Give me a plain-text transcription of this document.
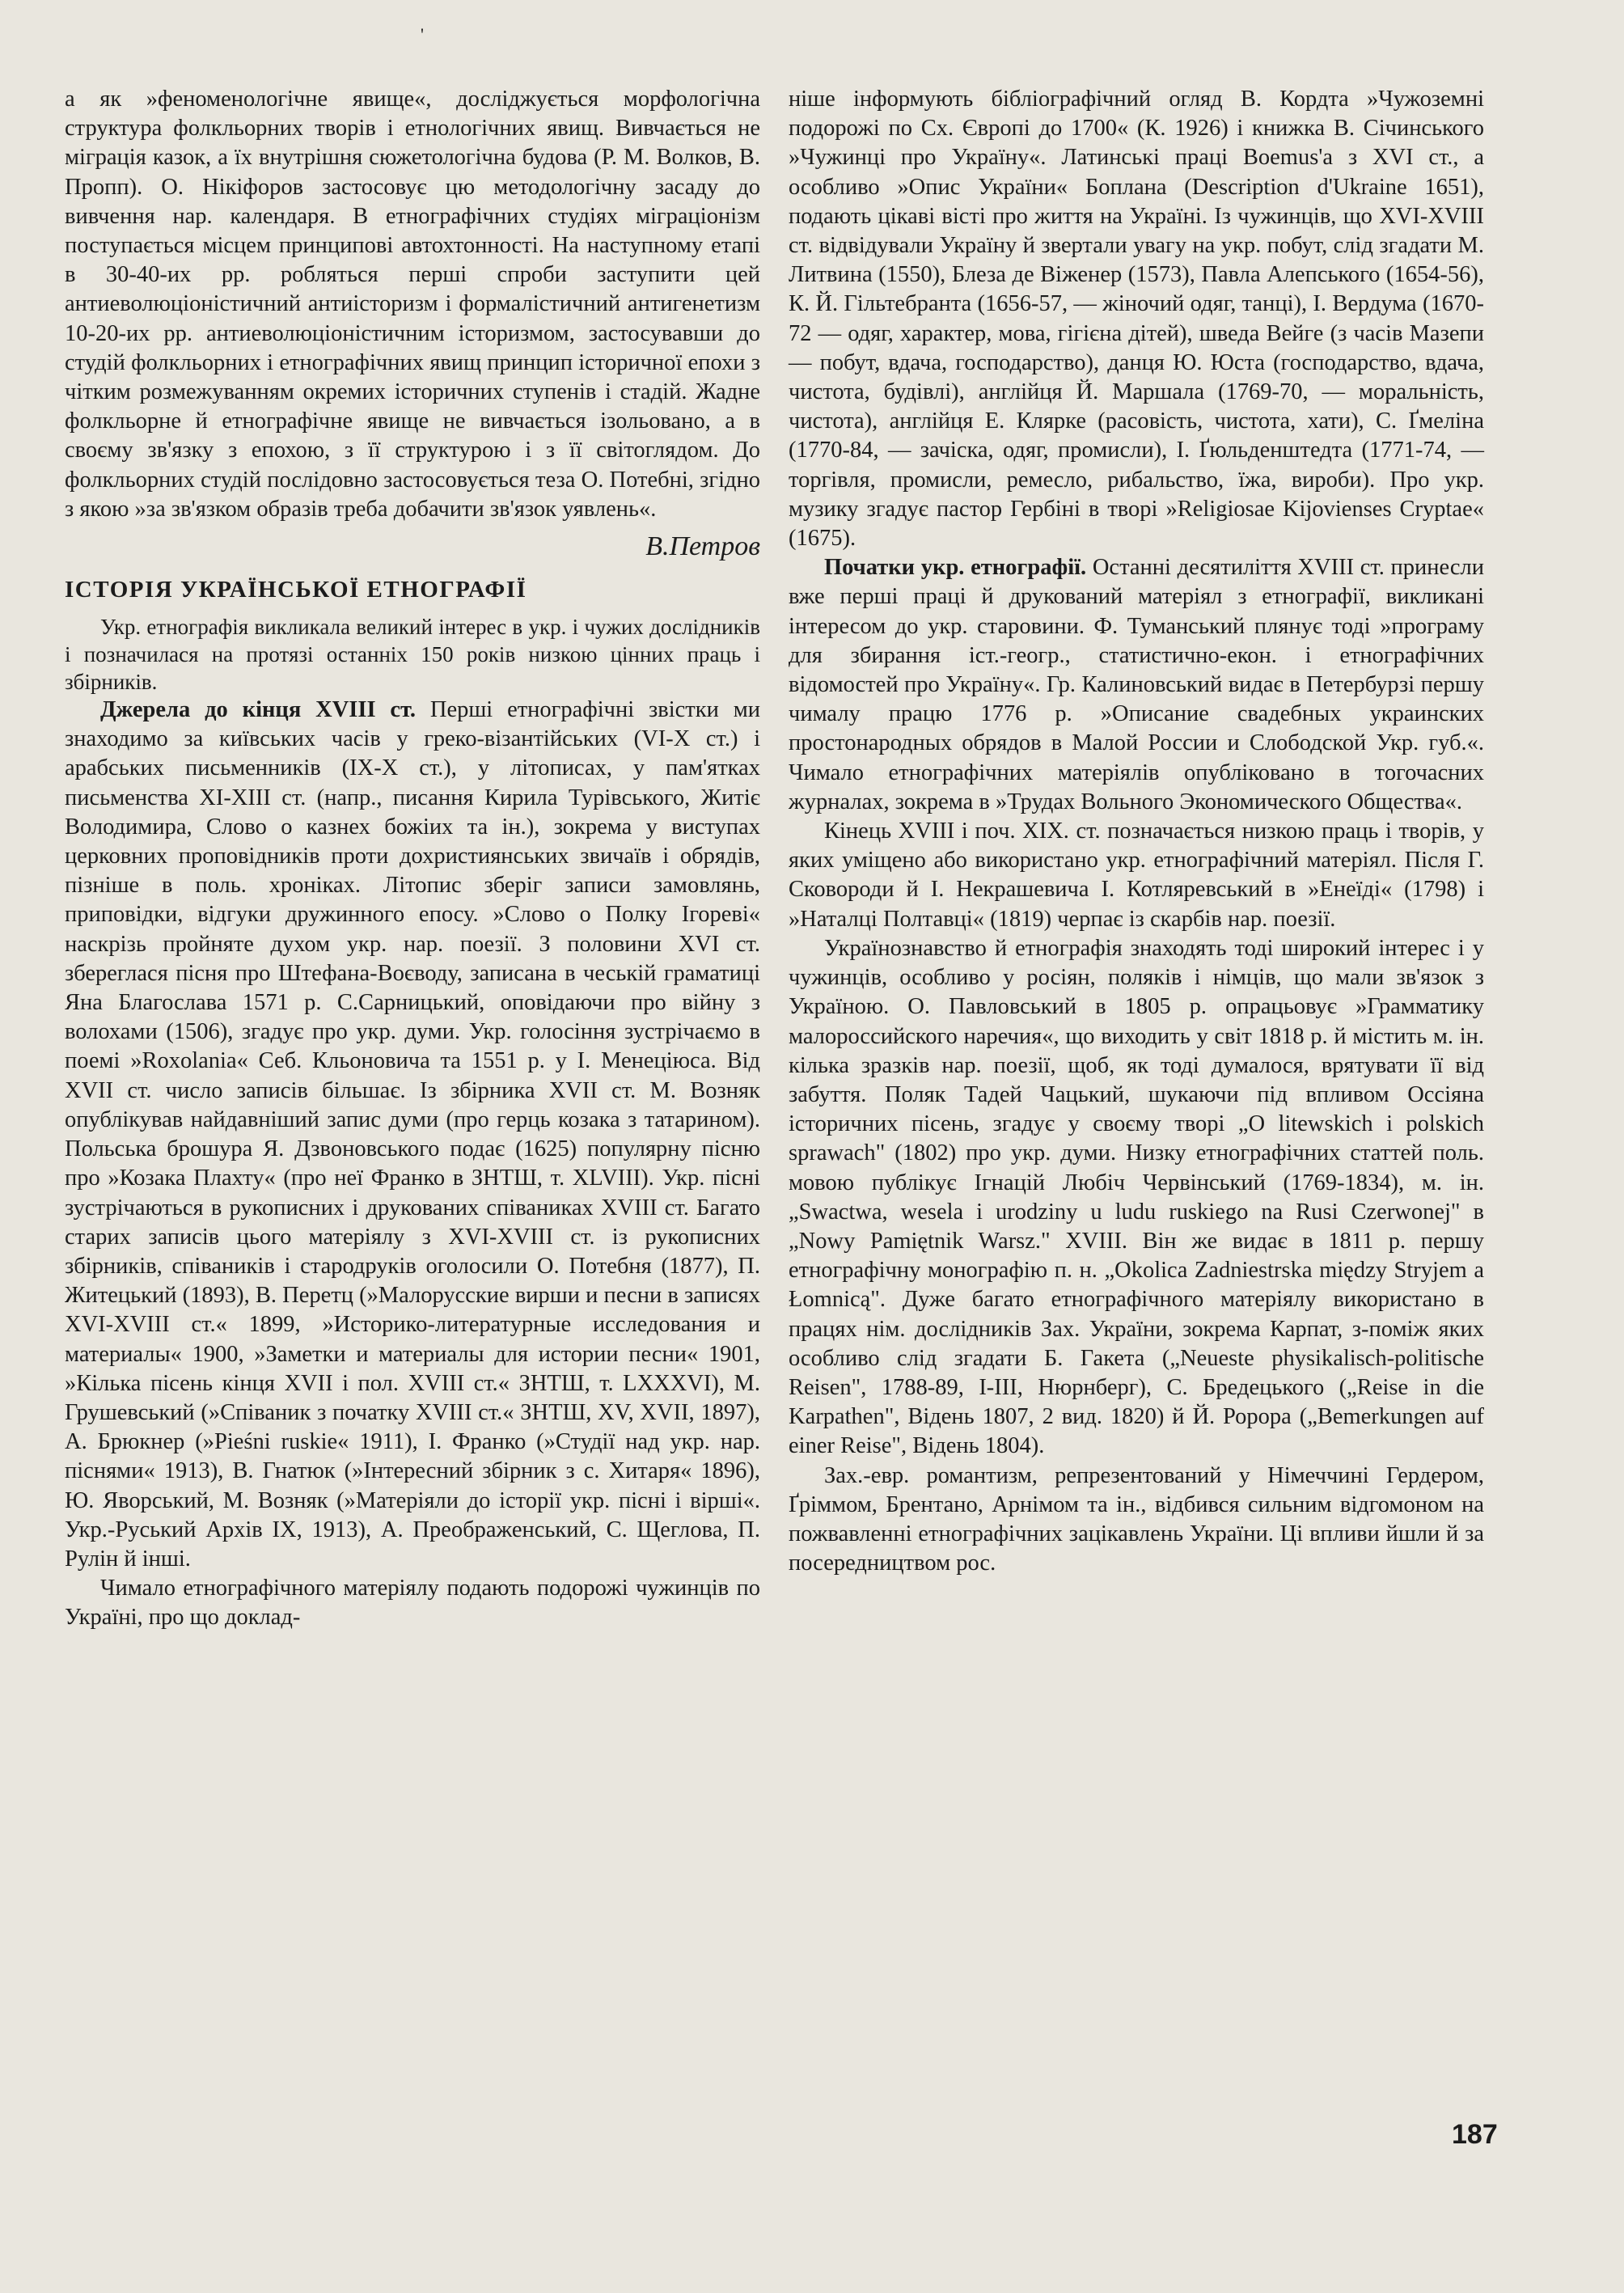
'

а як »феноменологічне явище«, досліджується морфологічна структура фолкльорних творів і етнологічних явищ. Вивчається не міграція казок, а їх внутрішня сюжетологічна будова (Р. М. Волков, В. Пропп). О. Нікіфоров застосовує цю методологічну засаду до вивчення нар. календаря. В етнографічних студіях міграціонізм поступається місцем принципові автохтонності. На наступному етапі в 30-40-их рр. робляться перші спроби заступити цей антиеволюціоністичний антиісторизм і формалістичний антигенетизм 10-20-их рр. антиеволюціоністичним історизмом, застосувавши до студій фолкльорних і етнографічних явищ принцип історичної епохи з чітким розмежуванням окремих історичних ступенів і стадій. Жадне фолкльорне й етнографічне явище не вивчається ізольовано, а в своєму зв'язку з епохою, з її структурою і з її світоглядом. До фолкльорних студій послідовно застосовується теза О. Потебні, згідно з якою »за зв'язком образів треба добачити зв'язок уявлень«.

В.Петров
ІСТОРІЯ УКРАЇНСЬКОЇ ЕТНОГРАФІЇ

Укр. етнографія викликала великий інтерес в укр. і чужих дослідників і позначилася на протязі останніх 150 років низкою цінних праць і збірників.

Джерела до кінця XVIII ст. Перші етнографічні звістки ми знаходимо за київських часів у греко-візантійських (VI-X ст.) і арабських письменників (IX-X ст.), у літописах, у пам'ятках письменства XI-XIII ст. (напр., писання Кирила Турівського, Житіє Володимира, Слово о казнех божіих та ін.), зокрема у виступах церковних проповідників проти дохристиянських звичаїв і обрядів, пізніше в поль. хроніках. Літопис зберіг записи замовлянь, приповідки, відгуки дружинного епосу. »Слово о Полку Ігореві« наскрізь пройняте духом укр. нар. поезії. З половини XVI ст. збереглася пісня про Штефана-Воєводу, записана в чеській граматиці Яна Благослава 1571 р. С.Сарницький, оповідаючи про війну з волохами (1506), згадує про укр. думи. Укр. голосіння зустрічаємо в поемі »Roxolania« Себ. Кльоновича та 1551 р. у І. Менеціюса. Від XVII ст. число записів більшає. Із збірника XVII ст. М. Возняк опублікував найдавніший запис думи (про герць козака з татарином). Польська брошура Я. Дзвоновського подає (1625) популярну пісню про »Козака Плахту« (про неї Франко в ЗНТШ, т. XLVIII). Укр. пісні зустрічаються в рукописних і друкованих співаниках XVIII ст. Багато старих записів цього матеріялу з XVI-XVIII ст. із рукописних збірників, співаників і стародруків оголосили О. Потебня (1877), П. Житецький (1893), В. Перетц (»Малорусские вирши и песни в записях XVI-XVIII ст.« 1899, »Историко-литературные исследования и материалы« 1900, »Заметки и материалы для истории песни« 1901, »Кілька пісень кінця XVII і пол. XVIII ст.« ЗНТШ, т. LXXXVI), М. Грушевський (»Співаник з початку XVIII ст.« ЗНТШ, XV, XVII, 1897), А. Брюкнер (»Pieśni ruskie« 1911), І. Франко (»Студії над укр. нар. піснями« 1913), В. Гнатюк (»Інтересний збірник з с. Хитаря« 1896), Ю. Яворський, М. Возняк (»Матеріяли до історії укр. пісні і вірші«. Укр.-Руський Архів IX, 1913), А. Преображенський, С. Щеглова, П. Рулін й інші.

Чимало етнографічного матеріялу подають подорожі чужинців по Україні, про що доклад-

ніше інформують бібліографічний огляд В. Кордта »Чужоземні подорожі по Сх. Європі до 1700« (К. 1926) і книжка В. Січинського »Чужинці про Україну«. Латинські праці Boemus'а з XVI ст., а особливо »Опис України« Боплана (Description d'Ukraine 1651), подають цікаві вісті про життя на Україні. Із чужинців, що XVI-XVIII ст. відвідували Україну й звертали увагу на укр. побут, слід згадати М. Литвина (1550), Блеза де Віженер (1573), Павла Алепського (1654-56), К. Й. Гільтебранта (1656-57, — жіночий одяг, танці), І. Вердума (1670-72 — одяг, характер, мова, гігієна дітей), шведа Вейге (з часів Мазепи — побут, вдача, господарство), данця Ю. Юста (господарство, вдача, чистота, будівлі), англійця Й. Маршала (1769-70, — моральність, чистота), англійця Е. Клярке (расовість, чистота, хати), С. Ґмеліна (1770-84, — зачіска, одяг, промисли), І. Ґюльденштедта (1771-74, — торгівля, промисли, ремесло, рибальство, їжа, вироби). Про укр. музику згадує пастор Гербіні в творі »Religiosae Kijovienses Cryptae« (1675).

Початки укр. етнографії. Останні десятиліття XVIII ст. принесли вже перші праці й друкований матеріял з етнографії, викликані інтересом до укр. старовини. Ф. Туманський плянує тоді »програму для збирання іст.-геогр., статистично-екон. і етнографічних відомостей про Україну«. Гр. Калиновський видає в Петербурзі першу чималу працю 1776 р. »Описание свадебных украинских простонародных обрядов в Малой России и Слободской Укр. губ.«. Чимало етнографічних матеріялів опубліковано в тогочасних журналах, зокрема в »Трудах Вольного Экономического Общества«.

Кінець XVIII і поч. XIX. ст. позначається низкою праць і творів, у яких уміщено або використано укр. етнографічний матеріял. Після Г. Сковороди й І. Некрашевича І. Котляревський в »Енеїді« (1798) і »Наталці Полтавці« (1819) черпає із скарбів нар. поезії.

Українознавство й етнографія знаходять тоді широкий інтерес і у чужинців, особливо у росіян, поляків і німців, що мали зв'язок з Україною. О. Павловський в 1805 р. опрацьовує »Грамматику малороссийского наречия«, що виходить у світ 1818 р. й містить м. ін. кілька зразків нар. поезії, щоб, як тоді думалося, врятувати її від забуття. Поляк Тадей Чацький, шукаючи під впливом Оссіяна історичних пісень, згадує у своєму творі „O litewskich i polskich sprawach" (1802) про укр. думи. Низку етнографічних статтей поль. мовою публікує Ігнацій Любіч Червінський (1769-1834), м. ін. „Swactwa, wesela i urodziny u ludu ruskiego na Rusi Czerwonej" в „Nowy Pamiętnik Warsz." XVIII. Він же видає в 1811 р. першу етнографічну монографію п. н. „Okolica Zadniestrska między Stryjem a Łomnicą". Дуже багато етнографічного матеріялу використано в працях нім. дослідників Зах. України, зокрема Карпат, з-поміж яких особливо слід згадати Б. Гакета („Neueste physikalisch-politische Reisen", 1788-89, I-III, Нюрнберг), С. Бредецького („Reise in die Karpathen", Відень 1807, 2 вид. 1820) й Й. Ророра („Bemerkungen auf einer Reise", Відень 1804).

Зах.-евр. романтизм, репрезентований у Німеччині Гердером, Ґріммом, Брентано, Арнімом та ін., відбився сильним відгомоном на пожвавленні етнографічних зацікавлень України. Ці впливи йшли й за посередництвом рос.

187
